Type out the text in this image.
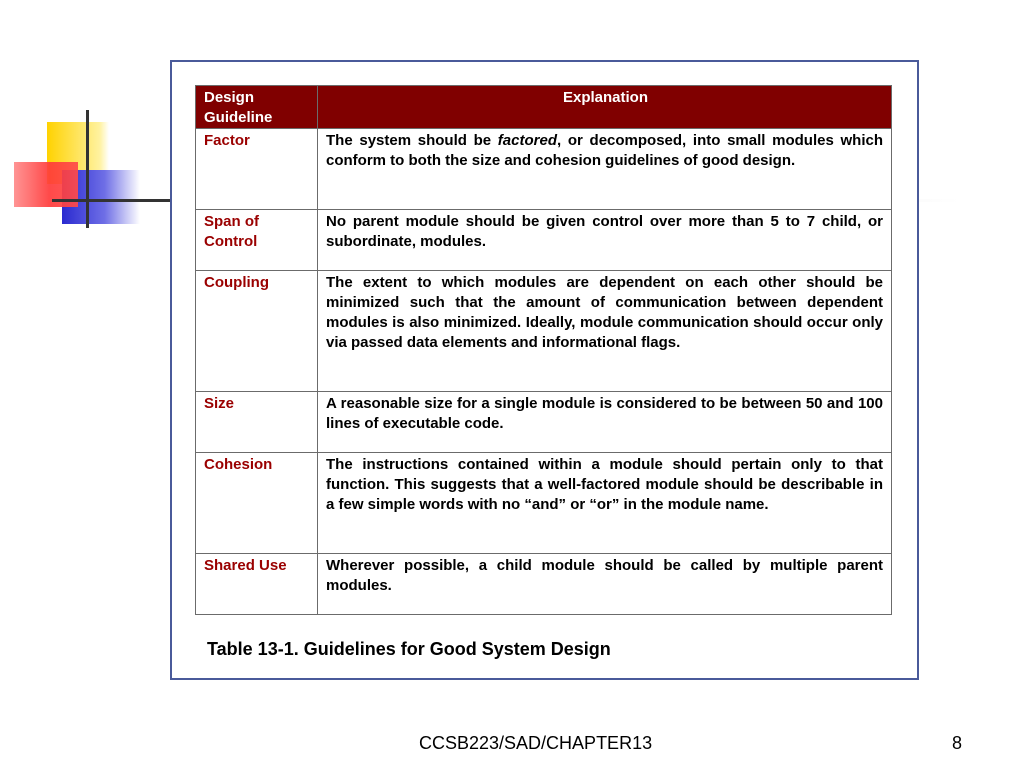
Design Guideline	Explanation
Factor	The system should be factored, or decomposed, into small modules which conform to both the size and cohesion guidelines of good design.
Span of Control	No parent module should be given control over more than 5 to 7 child, or subordinate, modules.
Coupling	The extent to which modules are dependent on each other should be minimized such that the amount of communication between dependent modules is also minimized. Ideally, module communication should occur only via passed data elements and informational flags.
Size	A reasonable size for a single module is considered to be between 50 and 100 lines of executable code.
Cohesion	The instructions contained within a module should pertain only to that function. This suggests that a well-factored module should be describable in a few simple words with no “and” or “or” in the module name.
Shared Use	Wherever possible, a child module should be called by multiple parent modules.
Table 13-1. Guidelines for Good System Design
CCSB223/SAD/CHAPTER13	8
